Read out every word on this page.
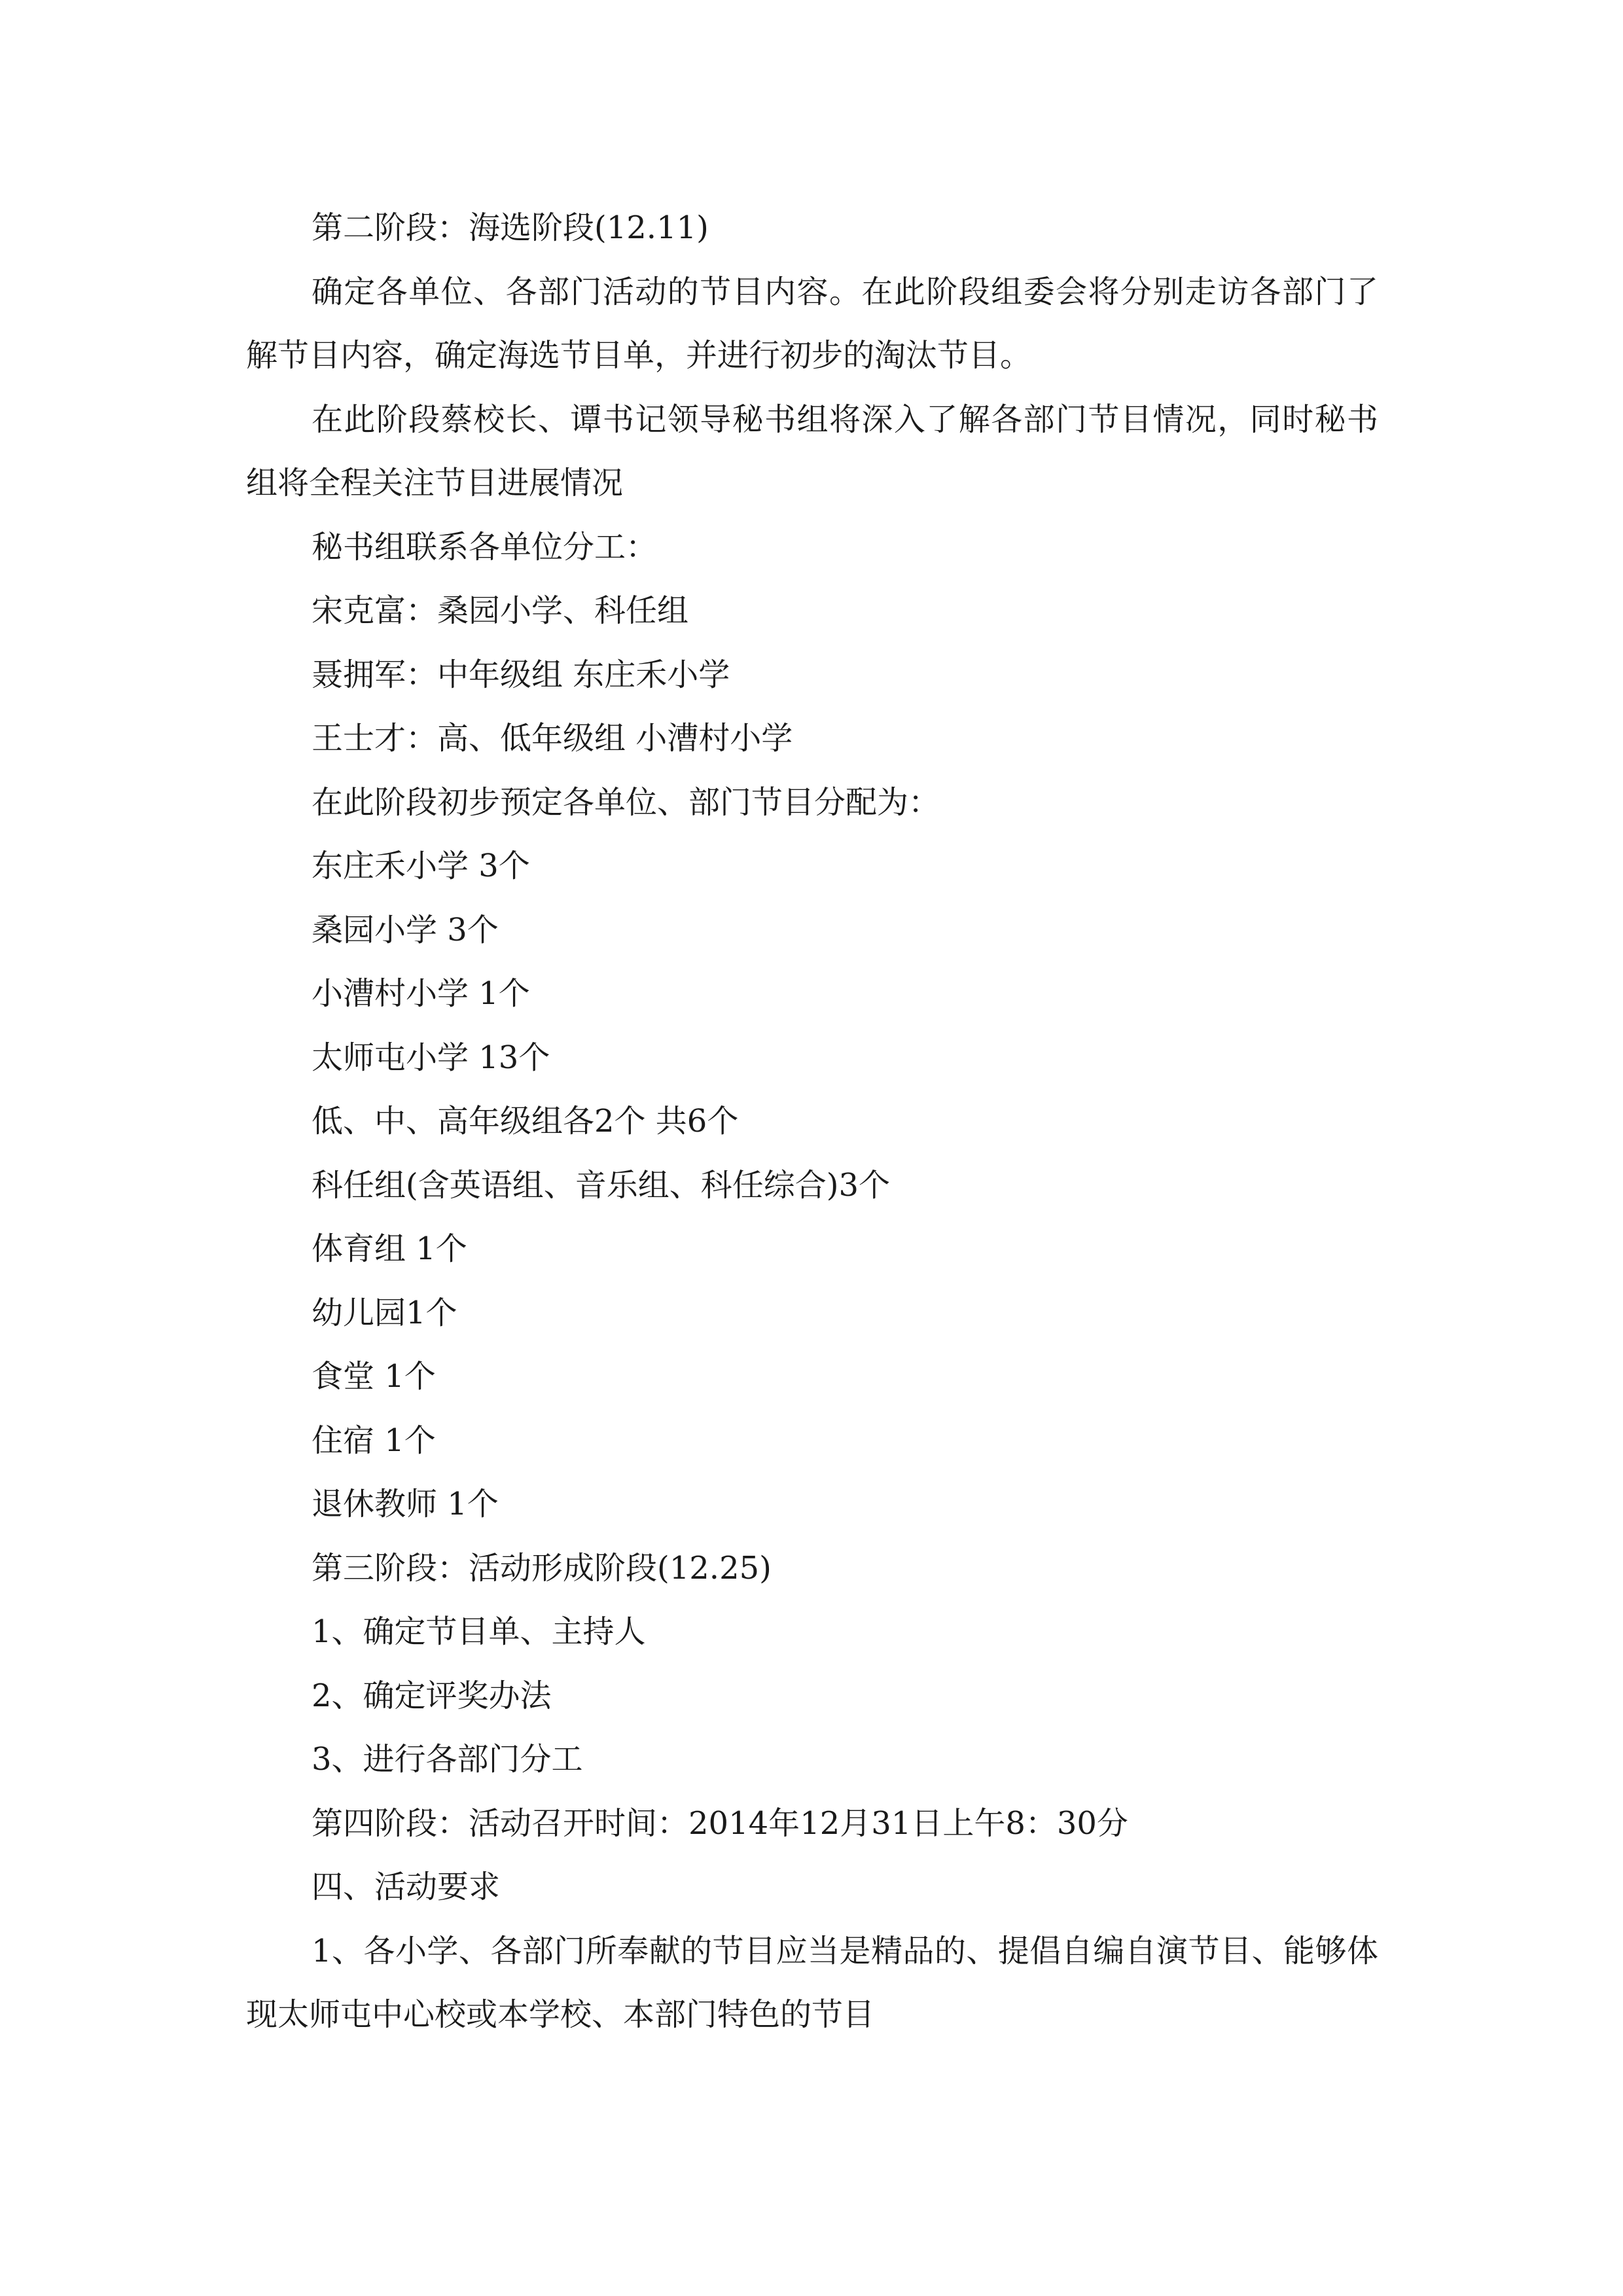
第二阶段：海选阶段(12.11)

确定各单位、各部门活动的节目内容。在此阶段组委会将分别走访各部门了解节目内容，确定海选节目单，并进行初步的淘汰节目。

在此阶段蔡校长、谭书记领导秘书组将深入了解各部门节目情况，同时秘书组将全程关注节目进展情况

秘书组联系各单位分工：

宋克富：桑园小学、科任组

聂拥军：中年级组 东庄禾小学

王士才：高、低年级组 小漕村小学

在此阶段初步预定各单位、部门节目分配为：

东庄禾小学 3个

桑园小学 3个

小漕村小学 1个

太师屯小学 13个

低、中、高年级组各2个 共6个

科任组(含英语组、音乐组、科任综合)3个

体育组 1个

幼儿园1个

食堂 1个

住宿 1个

退休教师 1个

第三阶段：活动形成阶段(12.25)

1、确定节目单、主持人

2、确定评奖办法

3、进行各部门分工

第四阶段：活动召开时间：2014年12月31日上午8：30分

四、活动要求

1、各小学、各部门所奉献的节目应当是精品的、提倡自编自演节目、能够体现太师屯中心校或本学校、本部门特色的节目
